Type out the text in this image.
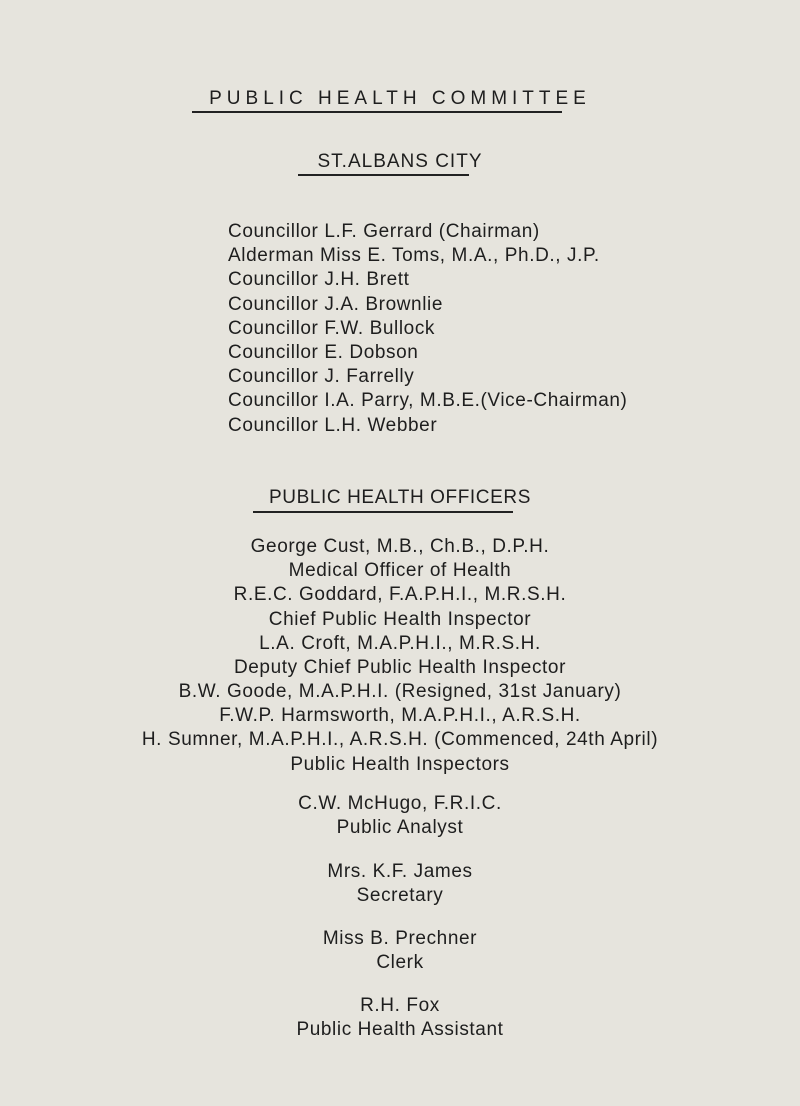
PUBLIC HEALTH COMMITTEE
ST.ALBANS CITY
Councillor L.F. Gerrard (Chairman)
Alderman Miss E. Toms, M.A., Ph.D., J.P.
Councillor J.H. Brett
Councillor J.A. Brownlie
Councillor F.W. Bullock
Councillor E. Dobson
Councillor J. Farrelly
Councillor I.A. Parry, M.B.E.(Vice-Chairman)
Councillor L.H. Webber
PUBLIC HEALTH OFFICERS
George Cust, M.B., Ch.B., D.P.H.
Medical Officer of Health
R.E.C. Goddard, F.A.P.H.I., M.R.S.H.
Chief Public Health Inspector
L.A. Croft, M.A.P.H.I., M.R.S.H.
Deputy Chief Public Health Inspector
B.W. Goode, M.A.P.H.I. (Resigned, 31st January)
F.W.P. Harmsworth, M.A.P.H.I., A.R.S.H.
H. Sumner, M.A.P.H.I., A.R.S.H. (Commenced, 24th April)
Public Health Inspectors
C.W. McHugo, F.R.I.C.
Public Analyst
Mrs. K.F. James
Secretary
Miss B. Prechner
Clerk
R.H. Fox
Public Health Assistant
